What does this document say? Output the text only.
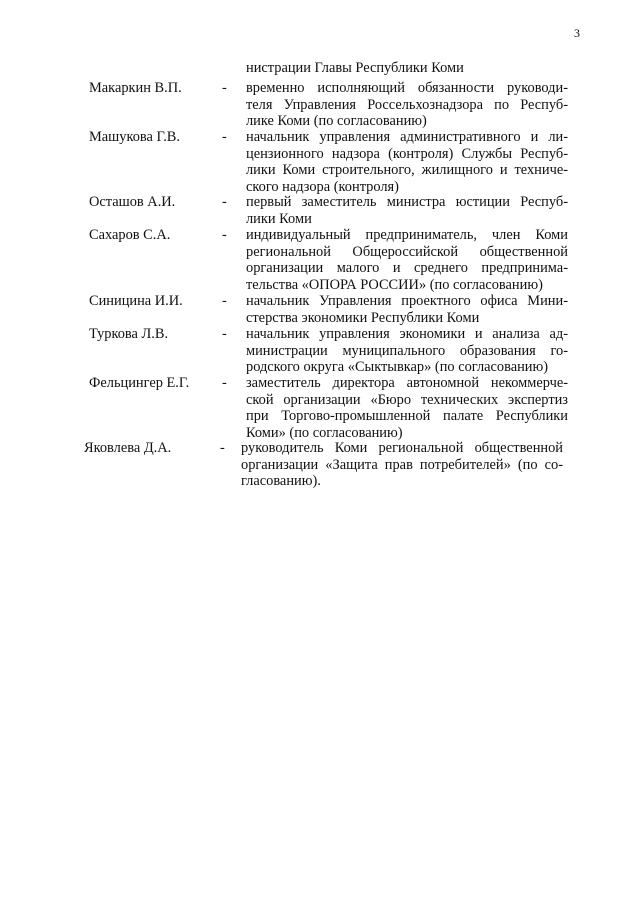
3
нистрации Главы Республики Коми
Макаркин В.П.	- временно исполняющий обязанности руководи-
теля Управления Россельхознадзора по Респуб-
лике Коми (по согласованию)
Машукова Г.В.	- начальник управления административного и ли-
цензионного надзора (контроля) Службы Респуб-
лики Коми строительного, жилищного и техниче-
ского надзора (контроля)
Осташов А.И.	- первый заместитель министра юстиции Респуб-
лики Коми
Сахаров С.А.	- индивидуальный предприниматель, член Коми
региональной Общероссийской общественной
организации малого и среднего предпринима-
тельства «ОПОРА РОССИИ» (по согласованию)
Синицина И.И.	- начальник Управления проектного офиса Мини-
стерства экономики Республики Коми
Туркова Л.В.	- начальник управления экономики и анализа ад-
министрации муниципального образования го-
родского округа «Сыктывкар» (по согласованию)
Фельцингер Е.Г. - заместитель директора автономной некоммерче-
ской организации «Бюро технических экспертиз
при Торгово-промышленной палате Республики
Коми» (по согласованию)
Яковлева Д.А.	- руководитель Коми региональной общественной
организации «Защита прав потребителей» (по со-
гласованию).
